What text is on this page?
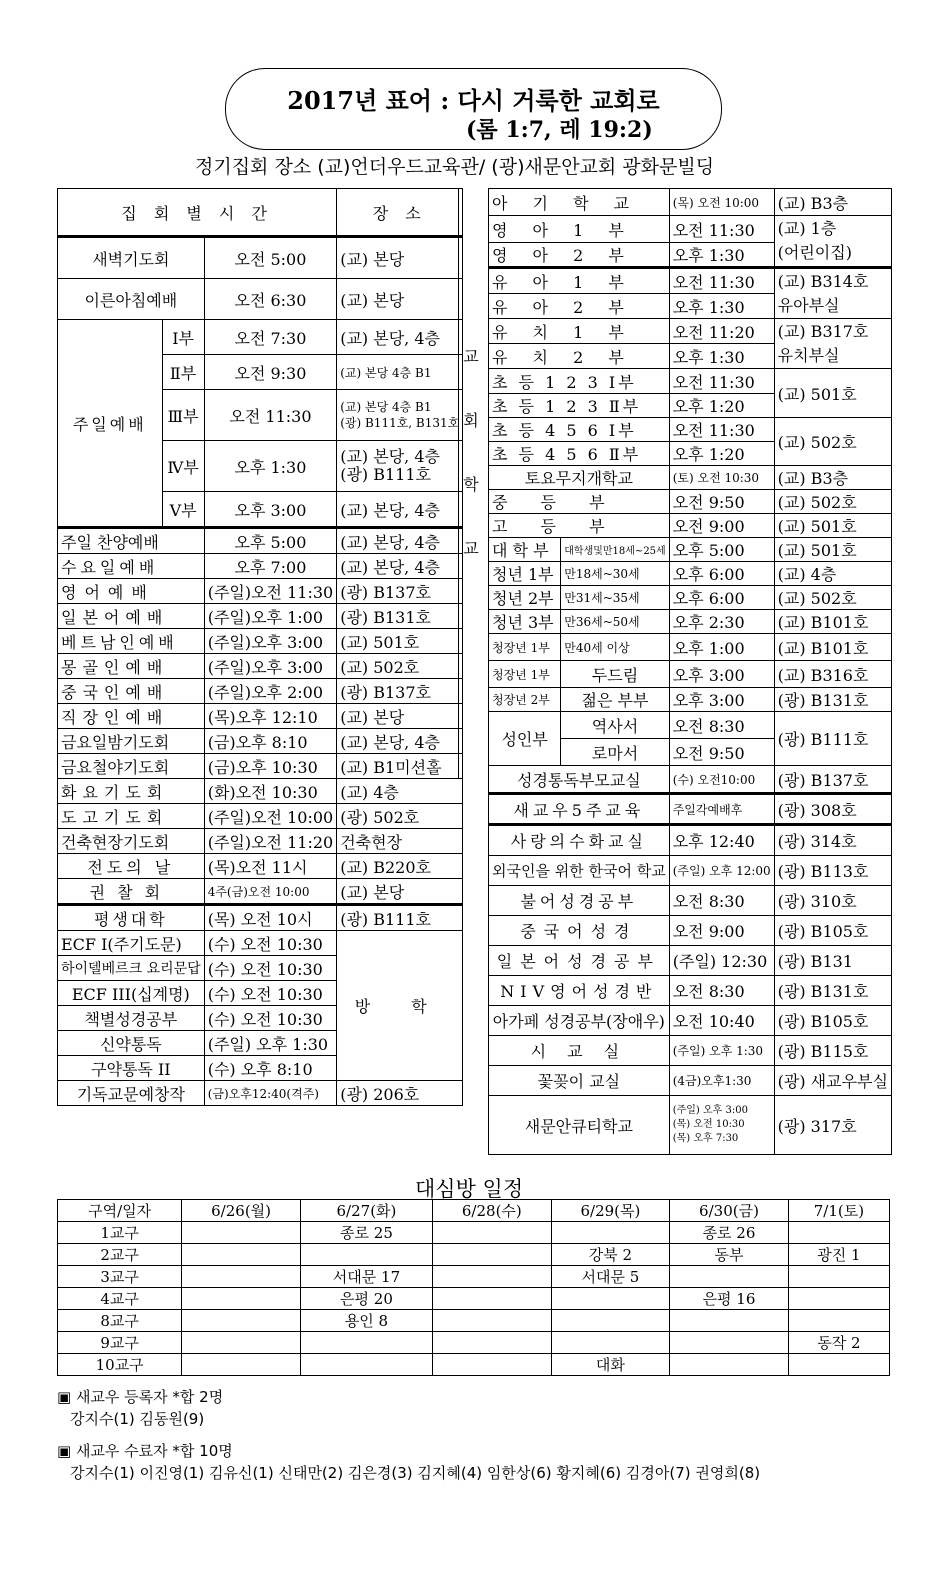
2017년 표어 : 다시 거룩한 교회로
(롬 1:7, 레 19:2)
정기집회 장소 (교)언더우드교육관/ (광)새문안교회 광화문빌딩
집 회 별 시 간			장 소
새벽기도회		오전 5:00	(교) 본당
이른아침예배		오전 6:30	(교) 본당
주일예배	Ⅰ부	오전 7:30	(교) 본당, 4층
	Ⅱ부	오전 9:30	(교) 본당 4층 B1
	Ⅲ부	오전 11:30	(교) 본당 4층 B1
(광) B111호, B131호
	Ⅳ부	오후 1:30	(교) 본당, 4층
(광) B111호
	Ⅴ부	오후 3:00	(교) 본당, 4층
주일 찬양예배		오후 5:00	(교) 본당, 4층
수요일예배		오후 7:00	(교) 본당, 4층
영어예배		(주일)오전 11:30	(광) B137호
일본어예배		(주일)오후 1:00	(광) B131호
베트남인예배		(주일)오후 3:00	(교) 501호
몽골인예배		(주일)오후 3:00	(교) 502호
중국인예배		(주일)오후 2:00	(광) B137호
직장인예배		(목)오후 12:10	(교) 본당
금요일밤기도회		(금)오후 8:10	(교) 본당, 4층
금요철야기도회		(금)오후 10:30	(교) B1미션홀
화요기도회		(화)오전 10:30	(교) 4층
도고기도회		(주일)오전 10:00	(광) 502호
건축현장기도회		(주일)오전 11:20	건축현장
전도의 날		(목)오전 11시	(교) B220호
권찰회		4주(금)오전 10:00	(교) 본당
평생대학		(목) 오전 10시	(광) B111호
ECF Ⅰ(주기도문)		(수) 오전 10:30	방 학
하이델베르크 요리문답		(수) 오전 10:30	
ECF III(십계명)		(수) 오전 10:30	
책별성경공부		(수) 오전 10:30	
신약통독		(주일) 오후 1:30	
구약통독 II		(수) 오후 8:10	
기독교문예창작		(금)오후12:40(격주)	(광) 206호
교
회
학
교
아 기 학 교		(목) 오전 10:00	(교) B3층
영 아 1 부		오전 11:30	(교) 1층
(어린이집)
영 아 2 부		오후 1:30	
유 아 1 부		오전 11:30	(교) B314호
유아부실
유 아 2 부		오후 1:30	
유 치 1 부		오전 11:20	(교) B317호
유치부실
유 치 2 부		오후 1:30	
초 등 1 2 3 Ⅰ부		오전 11:30	(교) 501호
초 등 1 2 3 Ⅱ부		오후 1:20	
초 등 4 5 6 Ⅰ부		오전 11:30	(교) 502호
초 등 4 5 6 Ⅱ부		오후 1:20	
토요무지개학교		(토) 오전 10:30	(교) B3층
중 등 부		오전 9:50	(교) 502호
고 등 부		오전 9:00	(교) 501호
대 학 부	대학생및만18세~25세	오후 5:00	(교) 501호
청년 1부	만18세~30세	오후 6:00	(교) 4층
청년 2부	만31세~35세	오후 6:00	(교) 502호
청년 3부	만36세~50세	오후 2:30	(교) B101호
청장년 1부	만40세 이상	오후 1:00	(교) B101호
청장년 1부	두드림	오후 3:00	(교) B316호
청장년 2부	젊은 부부	오후 3:00	(광) B131호
성인부	역사서	오전 8:30	(광) B111호
	로마서	오전 9:50	
성경통독부모교실		(수) 오전10:00	(광) B137호
새교우5주교육		주일각예배후	(광) 308호
사랑의수화교실		오후 12:40	(광) 314호
외국인을 위한 한국어 학교		(주일) 오후 12:00	(광) B113호
불어성경공부		오전 8:30	(광) 310호
중국어성경		오전 9:00	(광) B105호
일본어성경공부		(주일) 12:30	(광) B131
NIV영어성경반		오전 8:30	(광) B131호
아가페 성경공부(장애우)		오전 10:40	(광) B105호
시 교 실		(주일) 오후 1:30	(광) B115호
꽃꽂이 교실		(4금)오후1:30	(광) 새교우부실
새문안큐티학교		(주일) 오후 3:00
(목) 오전 10:30
(목) 오후 7:30	(광) 317호
대심방 일정
구역/일자	6/26(월)	6/27(화)	6/28(수)	6/29(목)	6/30(금)	7/1(토)
1교구		종로 25			종로 26	
2교구				강북 2	동부	광진 1
3교구		서대문 17		서대문 5		
4교구		은평 20			은평 16	
8교구		용인 8				
9교구						동작 2
10교구				대화		
▣ 새교우 등록자 *합 2명
강지수(1) 김동원(9)
▣ 새교우 수료자 *합 10명
강지수(1) 이진영(1) 김유신(1) 신태만(2) 김은경(3) 김지혜(4) 임한상(6) 황지혜(6) 김경아(7) 권영희(8)
